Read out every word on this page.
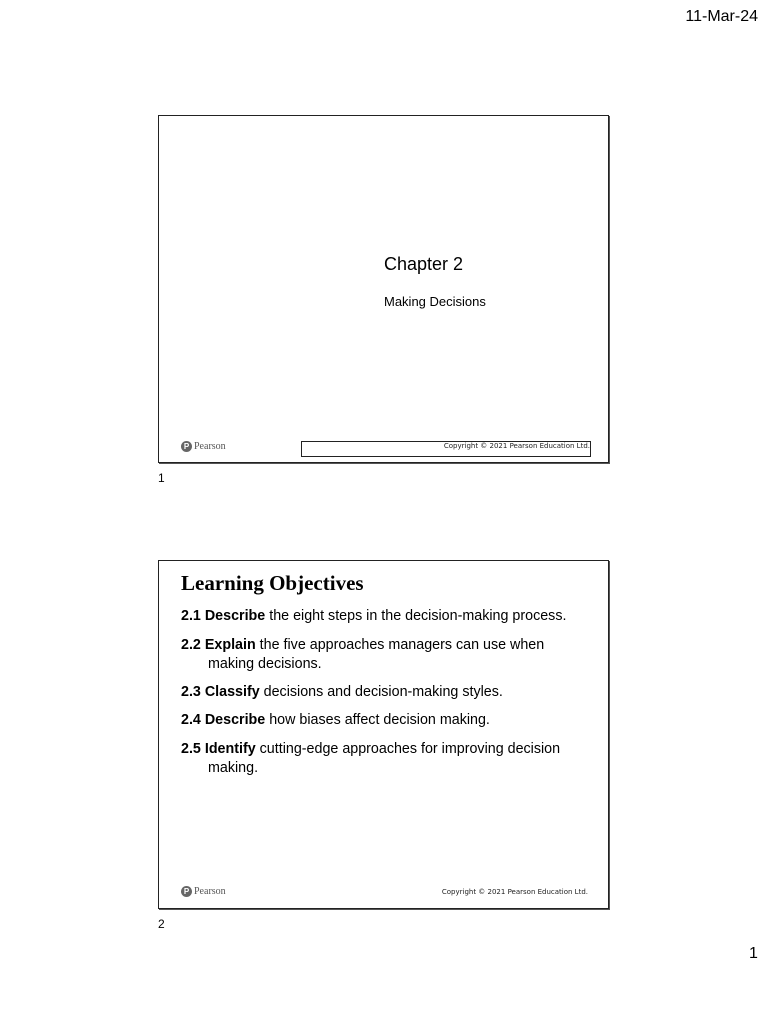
11-Mar-24
Chapter 2
Making Decisions
P Pearson	Copyright © 2021 Pearson Education Ltd.
1
Learning Objectives
2.1 Describe the eight steps in the decision-making process.
2.2 Explain the five approaches managers can use when
making decisions.
2.3 Classify decisions and decision-making styles.
2.4 Describe how biases affect decision making.
2.5 Identify cutting-edge approaches for improving decision
making.
P Pearson	Copyright © 2021 Pearson Education Ltd.
2
1
